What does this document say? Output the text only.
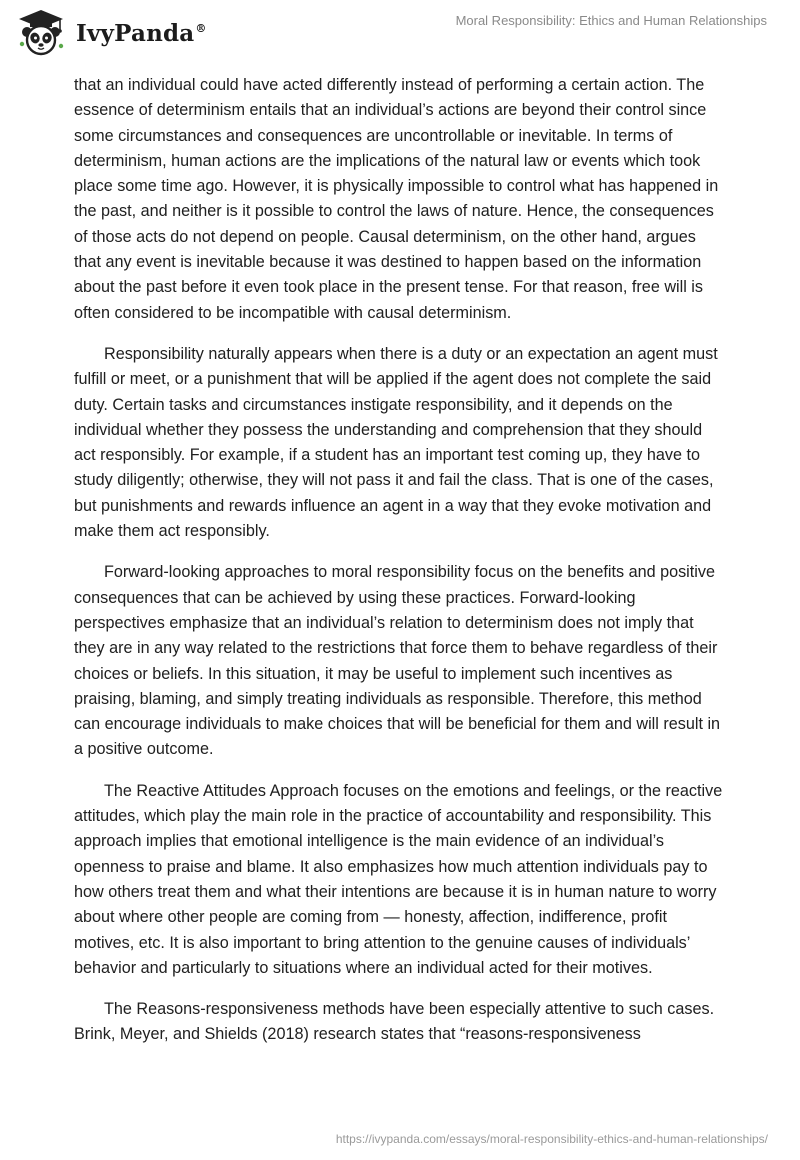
IvyPanda®
Moral Responsibility: Ethics and Human Relationships

that an individual could have acted differently instead of performing a certain action. The essence of determinism entails that an individual’s actions are beyond their control since some circumstances and consequences are uncontrollable or inevitable. In terms of determinism, human actions are the implications of the natural law or events which took place some time ago. However, it is physically impossible to control what has happened in the past, and neither is it possible to control the laws of nature. Hence, the consequences of those acts do not depend on people. Causal determinism, on the other hand, argues that any event is inevitable because it was destined to happen based on the information about the past before it even took place in the present tense. For that reason, free will is often considered to be incompatible with causal determinism.

Responsibility naturally appears when there is a duty or an expectation an agent must fulfill or meet, or a punishment that will be applied if the agent does not complete the said duty. Certain tasks and circumstances instigate responsibility, and it depends on the individual whether they possess the understanding and comprehension that they should act responsibly. For example, if a student has an important test coming up, they have to study diligently; otherwise, they will not pass it and fail the class. That is one of the cases, but punishments and rewards influence an agent in a way that they evoke motivation and make them act responsibly.

Forward-looking approaches to moral responsibility focus on the benefits and positive consequences that can be achieved by using these practices. Forward-looking perspectives emphasize that an individual’s relation to determinism does not imply that they are in any way related to the restrictions that force them to behave regardless of their choices or beliefs. In this situation, it may be useful to implement such incentives as praising, blaming, and simply treating individuals as responsible. Therefore, this method can encourage individuals to make choices that will be beneficial for them and will result in a positive outcome.

The Reactive Attitudes Approach focuses on the emotions and feelings, or the reactive attitudes, which play the main role in the practice of accountability and responsibility. This approach implies that emotional intelligence is the main evidence of an individual’s openness to praise and blame. It also emphasizes how much attention individuals pay to how others treat them and what their intentions are because it is in human nature to worry about where other people are coming from — honesty, affection, indifference, profit motives, etc. It is also important to bring attention to the genuine causes of individuals’ behavior and particularly to situations where an individual acted for their motives.

The Reasons-responsiveness methods have been especially attentive to such cases. Brink, Meyer, and Shields (2018) research states that “reasons-responsiveness

https://ivypanda.com/essays/moral-responsibility-ethics-and-human-relationships/
